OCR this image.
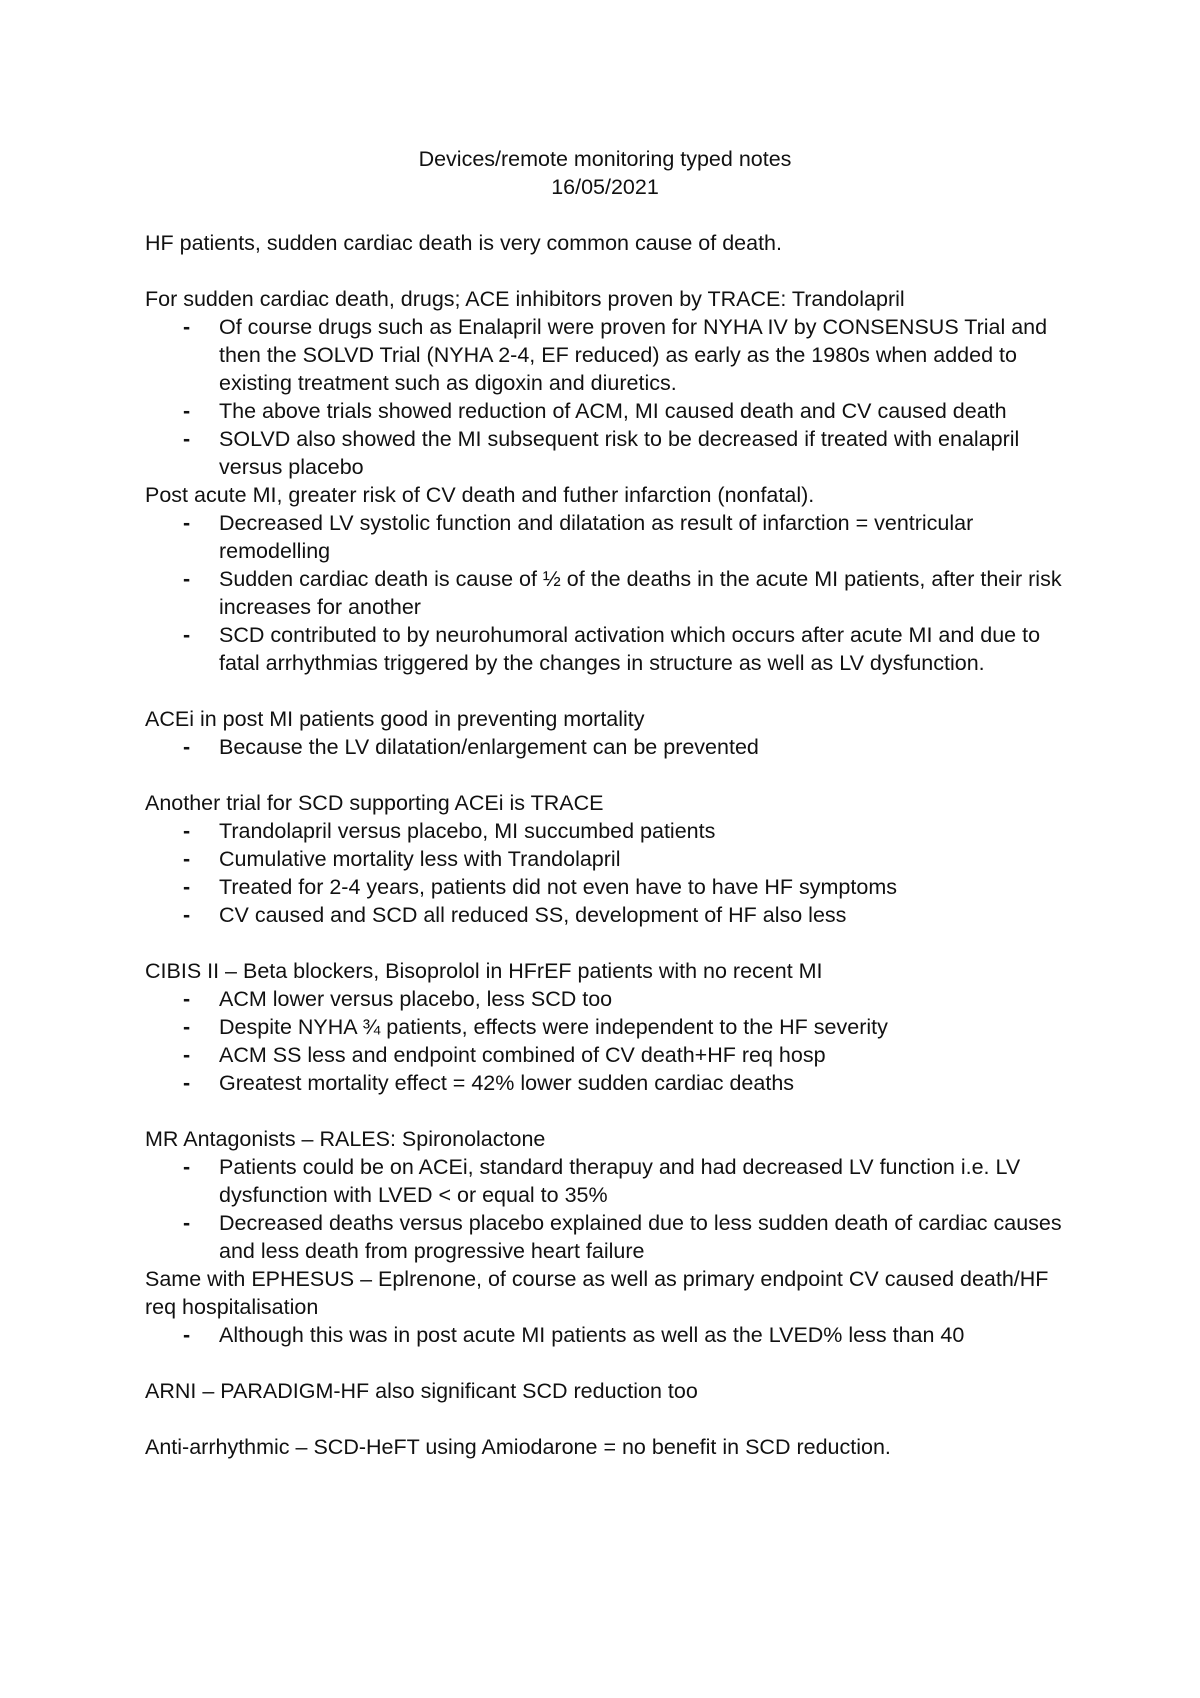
Devices/remote monitoring typed notes
16/05/2021

HF patients, sudden cardiac death is very common cause of death.

For sudden cardiac death, drugs; ACE inhibitors proven by TRACE: Trandolapril

- Of course drugs such as Enalapril were proven for NYHA IV by CONSENSUS Trial and then the SOLVD Trial (NYHA 2-4, EF reduced) as early as the 1980s when added to existing treatment such as digoxin and diuretics.
- The above trials showed reduction of ACM, MI caused death and CV caused death
- SOLVD also showed the MI subsequent risk to be decreased if treated with enalapril versus placebo

Post acute MI, greater risk of CV death and futher infarction (nonfatal).

- Decreased LV systolic function and dilatation as result of infarction = ventricular remodelling
- Sudden cardiac death is cause of ½ of the deaths in the acute MI patients, after their risk increases for another
- SCD contributed to by neurohumoral activation which occurs after acute MI and due to fatal arrhythmias triggered by the changes in structure as well as LV dysfunction.

ACEi in post MI patients good in preventing mortality

- Because the LV dilatation/enlargement can be prevented

Another trial for SCD supporting ACEi is TRACE

- Trandolapril versus placebo, MI succumbed patients
- Cumulative mortality less with Trandolapril
- Treated for 2-4 years, patients did not even have to have HF symptoms
- CV caused and SCD all reduced SS, development of HF also less

CIBIS II – Beta blockers, Bisoprolol in HFrEF patients with no recent MI

- ACM lower versus placebo, less SCD too
- Despite NYHA ¾ patients, effects were independent to the HF severity
- ACM SS less and endpoint combined of CV death+HF req hosp
- Greatest mortality effect = 42% lower sudden cardiac deaths

MR Antagonists – RALES: Spironolactone

- Patients could be on ACEi, standard therapuy and had decreased LV function i.e. LV dysfunction with LVED < or equal to 35%
- Decreased deaths versus placebo explained due to less sudden death of cardiac causes and less death from progressive heart failure

Same with EPHESUS – Eplrenone, of course as well as primary endpoint CV caused death/HF req hospitalisation

- Although this was in post acute MI patients as well as the LVED% less than 40

ARNI – PARADIGM-HF also significant SCD reduction too

Anti-arrhythmic – SCD-HeFT using Amiodarone = no benefit in SCD reduction.
